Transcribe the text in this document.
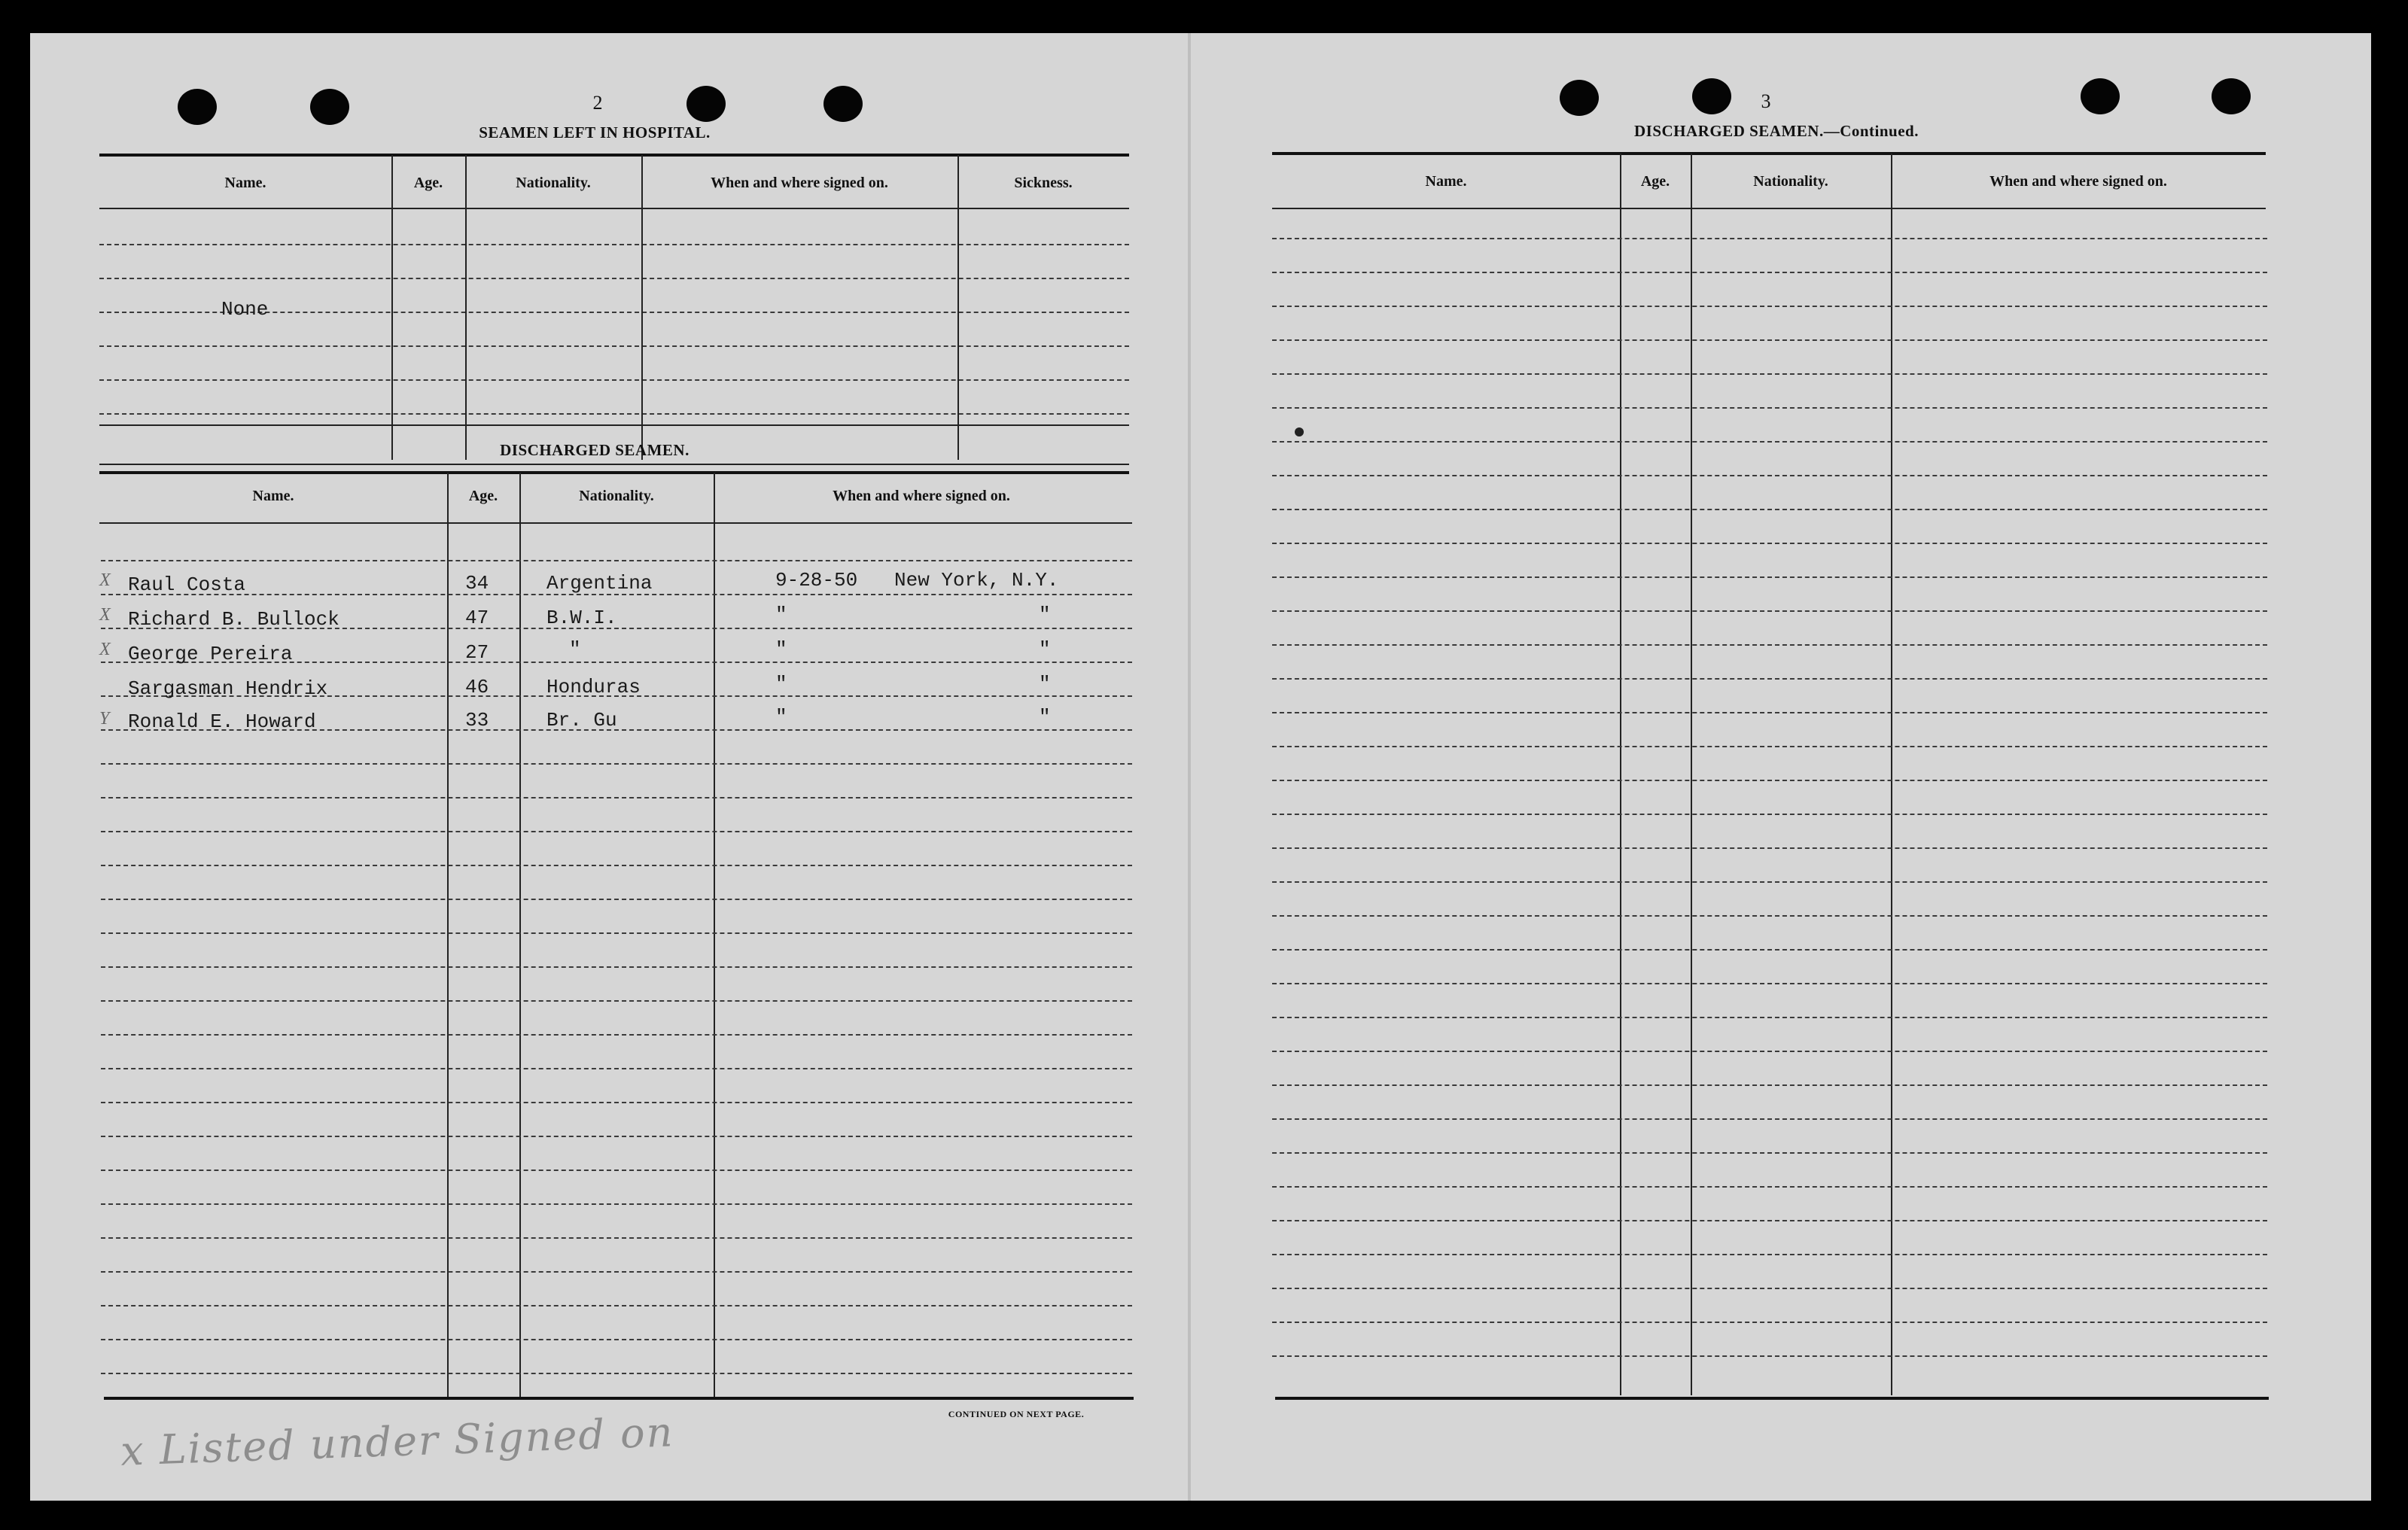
2
SEAMEN LEFT IN HOSPITAL.
Name.	Age.	Nationality.	When and where signed on.	Sickness.
None
DISCHARGED SEAMEN.
Name.	Age.	Nationality.	When and where signed on.
X Raul Costa	34	Argentina	9-28-50 New York, N.Y.
X Richard B. Bullock	47	B.W.I.	"	"
X George Pereira	27	"	"	"
Sargasman Hendrix	46	Honduras	"	"
Y Ronald E. Howard	33	Br. Gu	"	"
CONTINUED ON NEXT PAGE.
x Listed under Signed on
3
DISCHARGED SEAMEN.—Continued.
Name.	Age.	Nationality.	When and where signed on.
